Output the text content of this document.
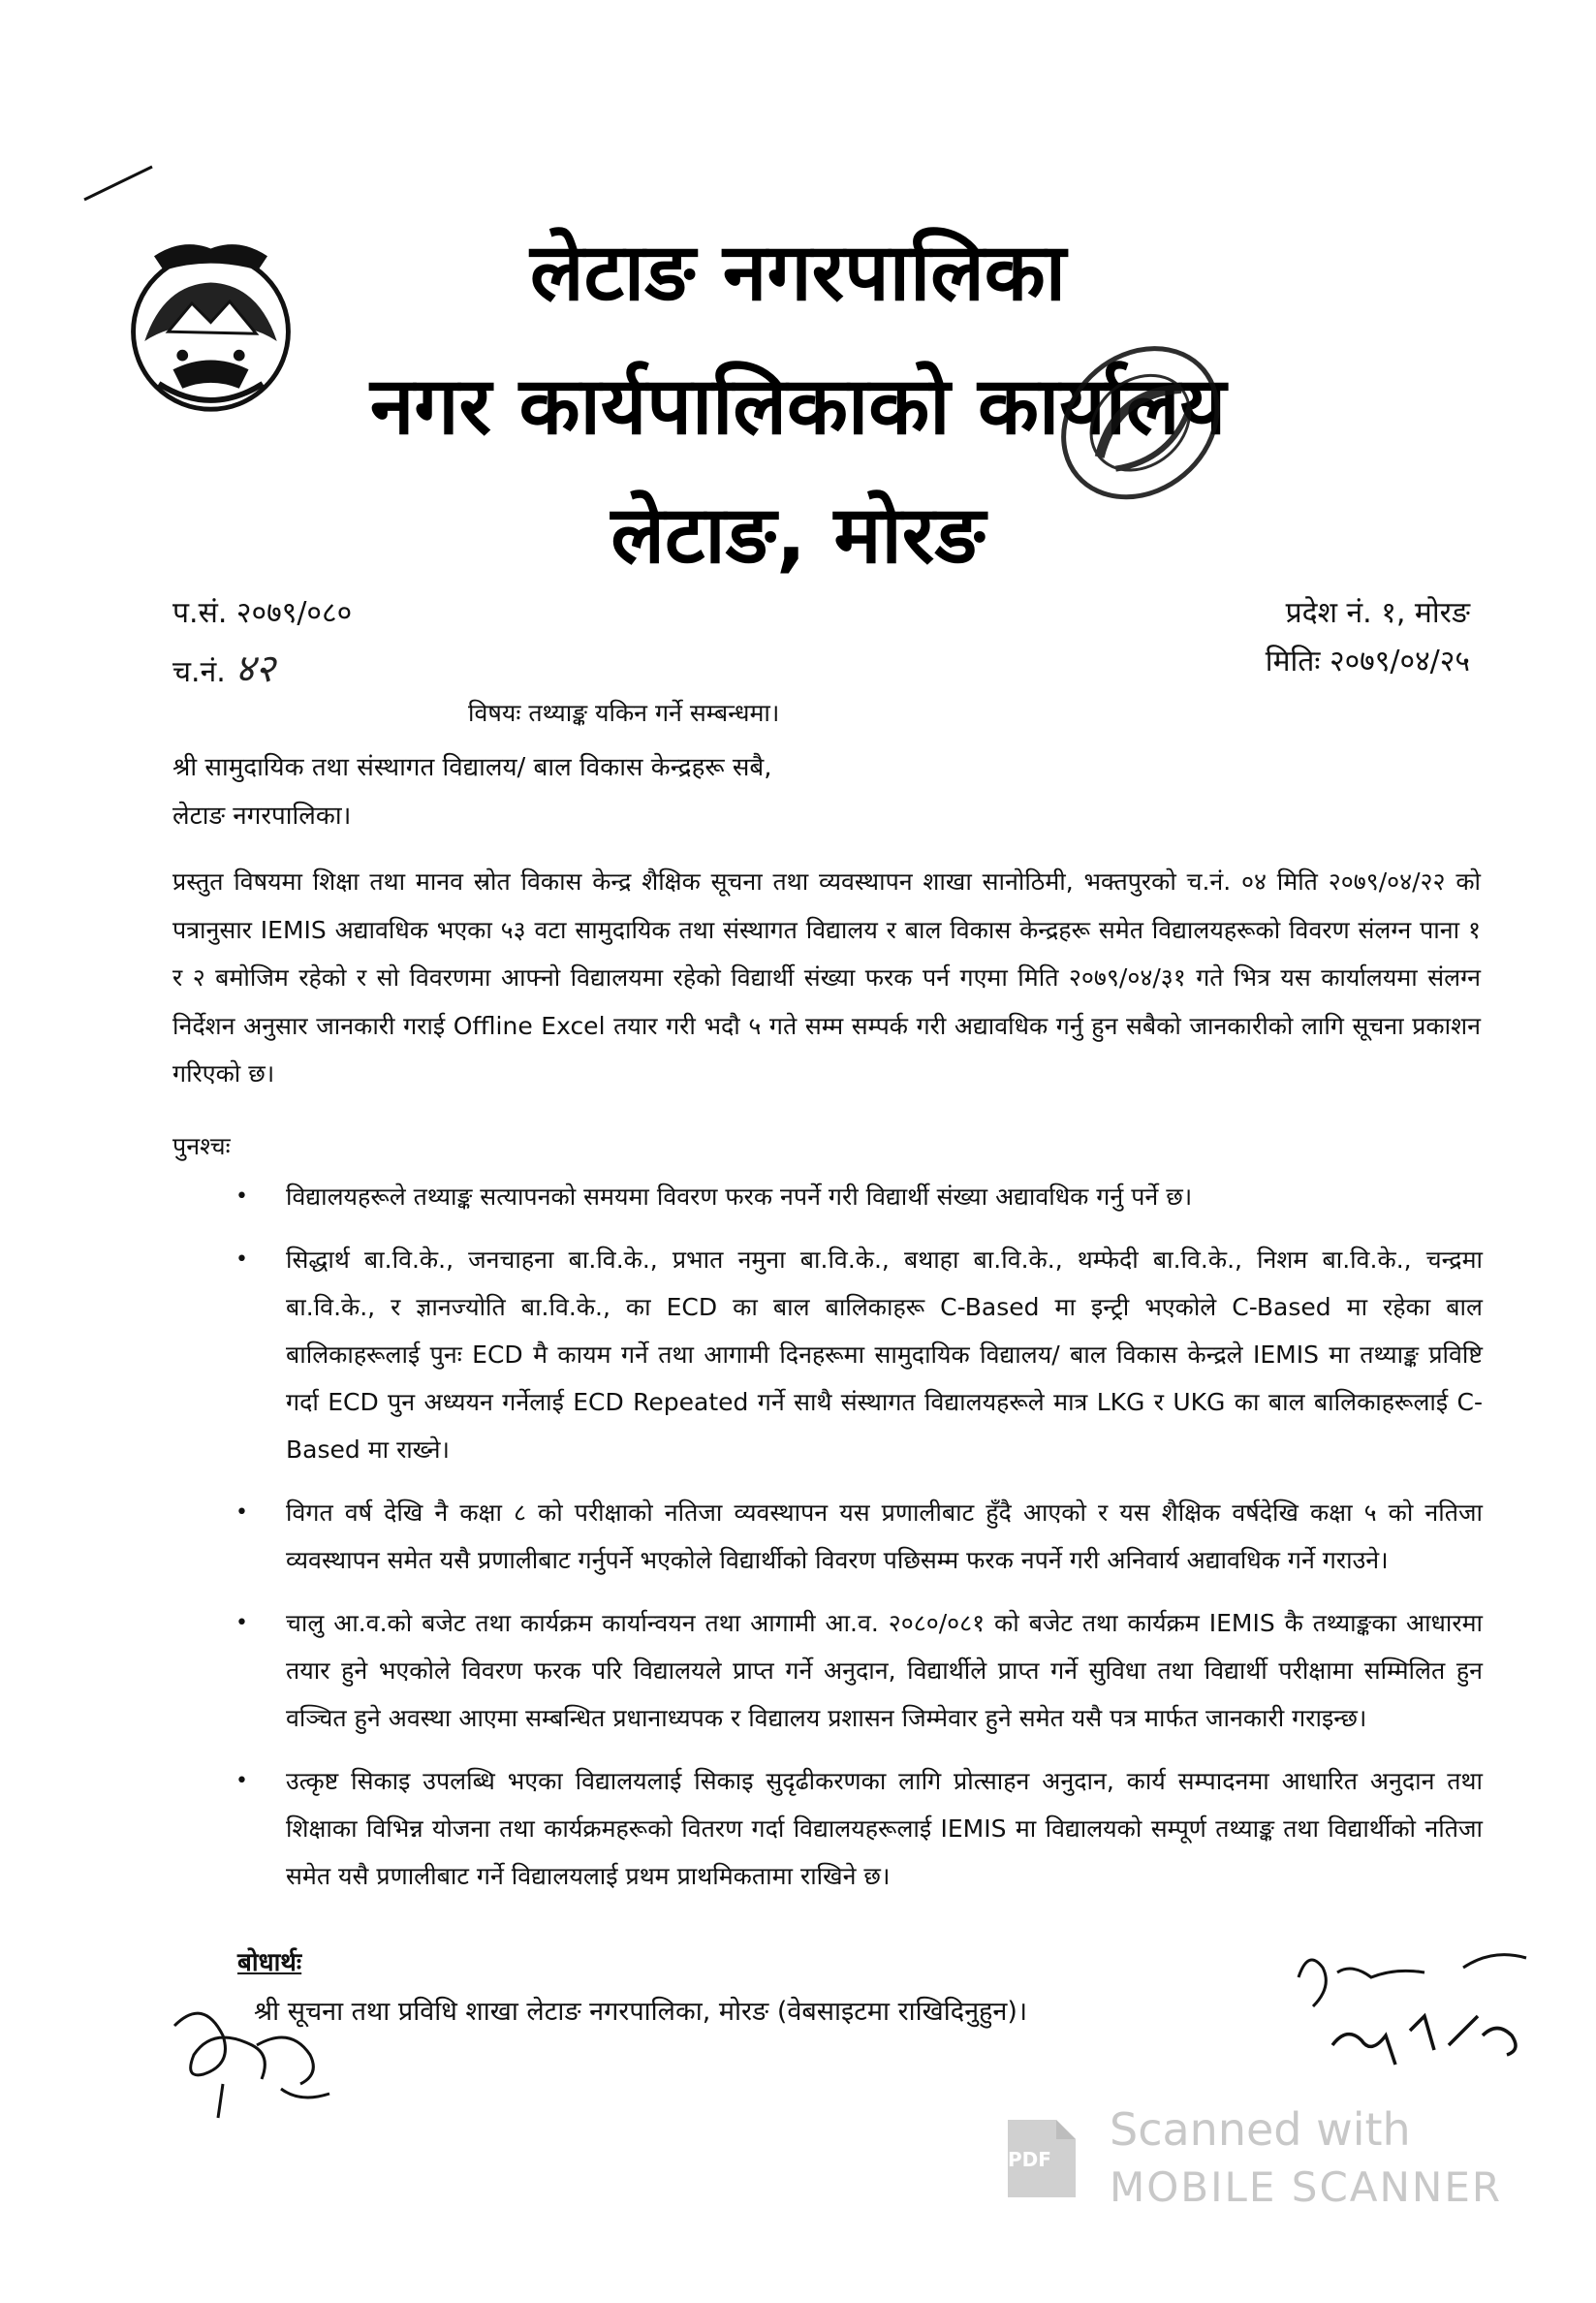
लेटाङ नगरपालिका
नगर कार्यपालिकाको कार्यालय
लेटाङ, मोरङ
प.सं. २०७९/०८०
च.नं. ४२
प्रदेश नं. १, मोरङ
मितिः २०७९/०४/२५
विषयः तथ्याङ्क यकिन गर्ने सम्बन्धमा।
श्री सामुदायिक तथा संस्थागत विद्यालय/ बाल विकास केन्द्रहरू सबै,
लेटाङ नगरपालिका।
प्रस्तुत विषयमा शिक्षा तथा मानव स्रोत विकास केन्द्र शैक्षिक सूचना तथा व्यवस्थापन शाखा सानोठिमी, भक्तपुरको च.नं. ०४ मिति २०७९/०४/२२ को पत्रानुसार IEMIS अद्यावधिक भएका ५३ वटा सामुदायिक तथा संस्थागत विद्यालय र बाल विकास केन्द्रहरू समेत विद्यालयहरूको विवरण संलग्न पाना १ र २ बमोजिम रहेको र सो विवरणमा आफ्नो विद्यालयमा रहेको विद्यार्थी संख्या फरक पर्न गएमा मिति २०७९/०४/३१ गते भित्र यस कार्यालयमा संलग्न निर्देशन अनुसार जानकारी गराई Offline Excel तयार गरी भदौ ५ गते सम्म सम्पर्क गरी अद्यावधिक गर्नु हुन सबैको जानकारीको लागि सूचना प्रकाशन गरिएको छ।
पुनश्चः
• विद्यालयहरूले तथ्याङ्क सत्यापनको समयमा विवरण फरक नपर्ने गरी विद्यार्थी संख्या अद्यावधिक गर्नु पर्ने छ।
• सिद्धार्थ बा.वि.के., जनचाहना बा.वि.के., प्रभात नमुना बा.वि.के., बथाहा बा.वि.के., थम्फेदी बा.वि.के., निशम बा.वि.के., चन्द्रमा बा.वि.के., र ज्ञानज्योति बा.वि.के., का ECD का बाल बालिकाहरू C-Based मा इन्ट्री भएकोले C-Based मा रहेका बाल बालिकाहरूलाई पुनः ECD मै कायम गर्ने तथा आगामी दिनहरूमा सामुदायिक विद्यालय/ बाल विकास केन्द्रले IEMIS मा तथ्याङ्क प्रविष्टि गर्दा ECD पुन अध्ययन गर्नेलाई ECD Repeated गर्ने साथै संस्थागत विद्यालयहरूले मात्र LKG र UKG का बाल बालिकाहरूलाई C-Based मा राख्ने।
• विगत वर्ष देखि नै कक्षा ८ को परीक्षाको नतिजा व्यवस्थापन यस प्रणालीबाट हुँदै आएको र यस शैक्षिक वर्षदेखि कक्षा ५ को नतिजा व्यवस्थापन समेत यसै प्रणालीबाट गर्नुपर्ने भएकोले विद्यार्थीको विवरण पछिसम्म फरक नपर्ने गरी अनिवार्य अद्यावधिक गर्ने गराउने।
• चालु आ.व.को बजेट तथा कार्यक्रम कार्यान्वयन तथा आगामी आ.व. २०८०/०८१ को बजेट तथा कार्यक्रम IEMIS कै तथ्याङ्कका आधारमा तयार हुने भएकोले विवरण फरक परि विद्यालयले प्राप्त गर्ने अनुदान, विद्यार्थीले प्राप्त गर्ने सुविधा तथा विद्यार्थी परीक्षामा सम्मिलित हुन वञ्चित हुने अवस्था आएमा सम्बन्धित प्रधानाध्यपक र विद्यालय प्रशासन जिम्मेवार हुने समेत यसै पत्र मार्फत जानकारी गराइन्छ।
• उत्कृष्ट सिकाइ उपलब्धि भएका विद्यालयलाई सिकाइ सुदृढीकरणका लागि प्रोत्साहन अनुदान, कार्य सम्पादनमा आधारित अनुदान तथा शिक्षाका विभिन्न योजना तथा कार्यक्रमहरूको वितरण गर्दा विद्यालयहरूलाई IEMIS मा विद्यालयको सम्पूर्ण तथ्याङ्क तथा विद्यार्थीको नतिजा समेत यसै प्रणालीबाट गर्ने विद्यालयलाई प्रथम प्राथमिकतामा राखिने छ।
बोधार्थः
श्री सूचना तथा प्रविधि शाखा लेटाङ नगरपालिका, मोरङ (वेबसाइटमा राखिदिनुहुन)।
PDF
Scanned with
MOBILE SCANNER
